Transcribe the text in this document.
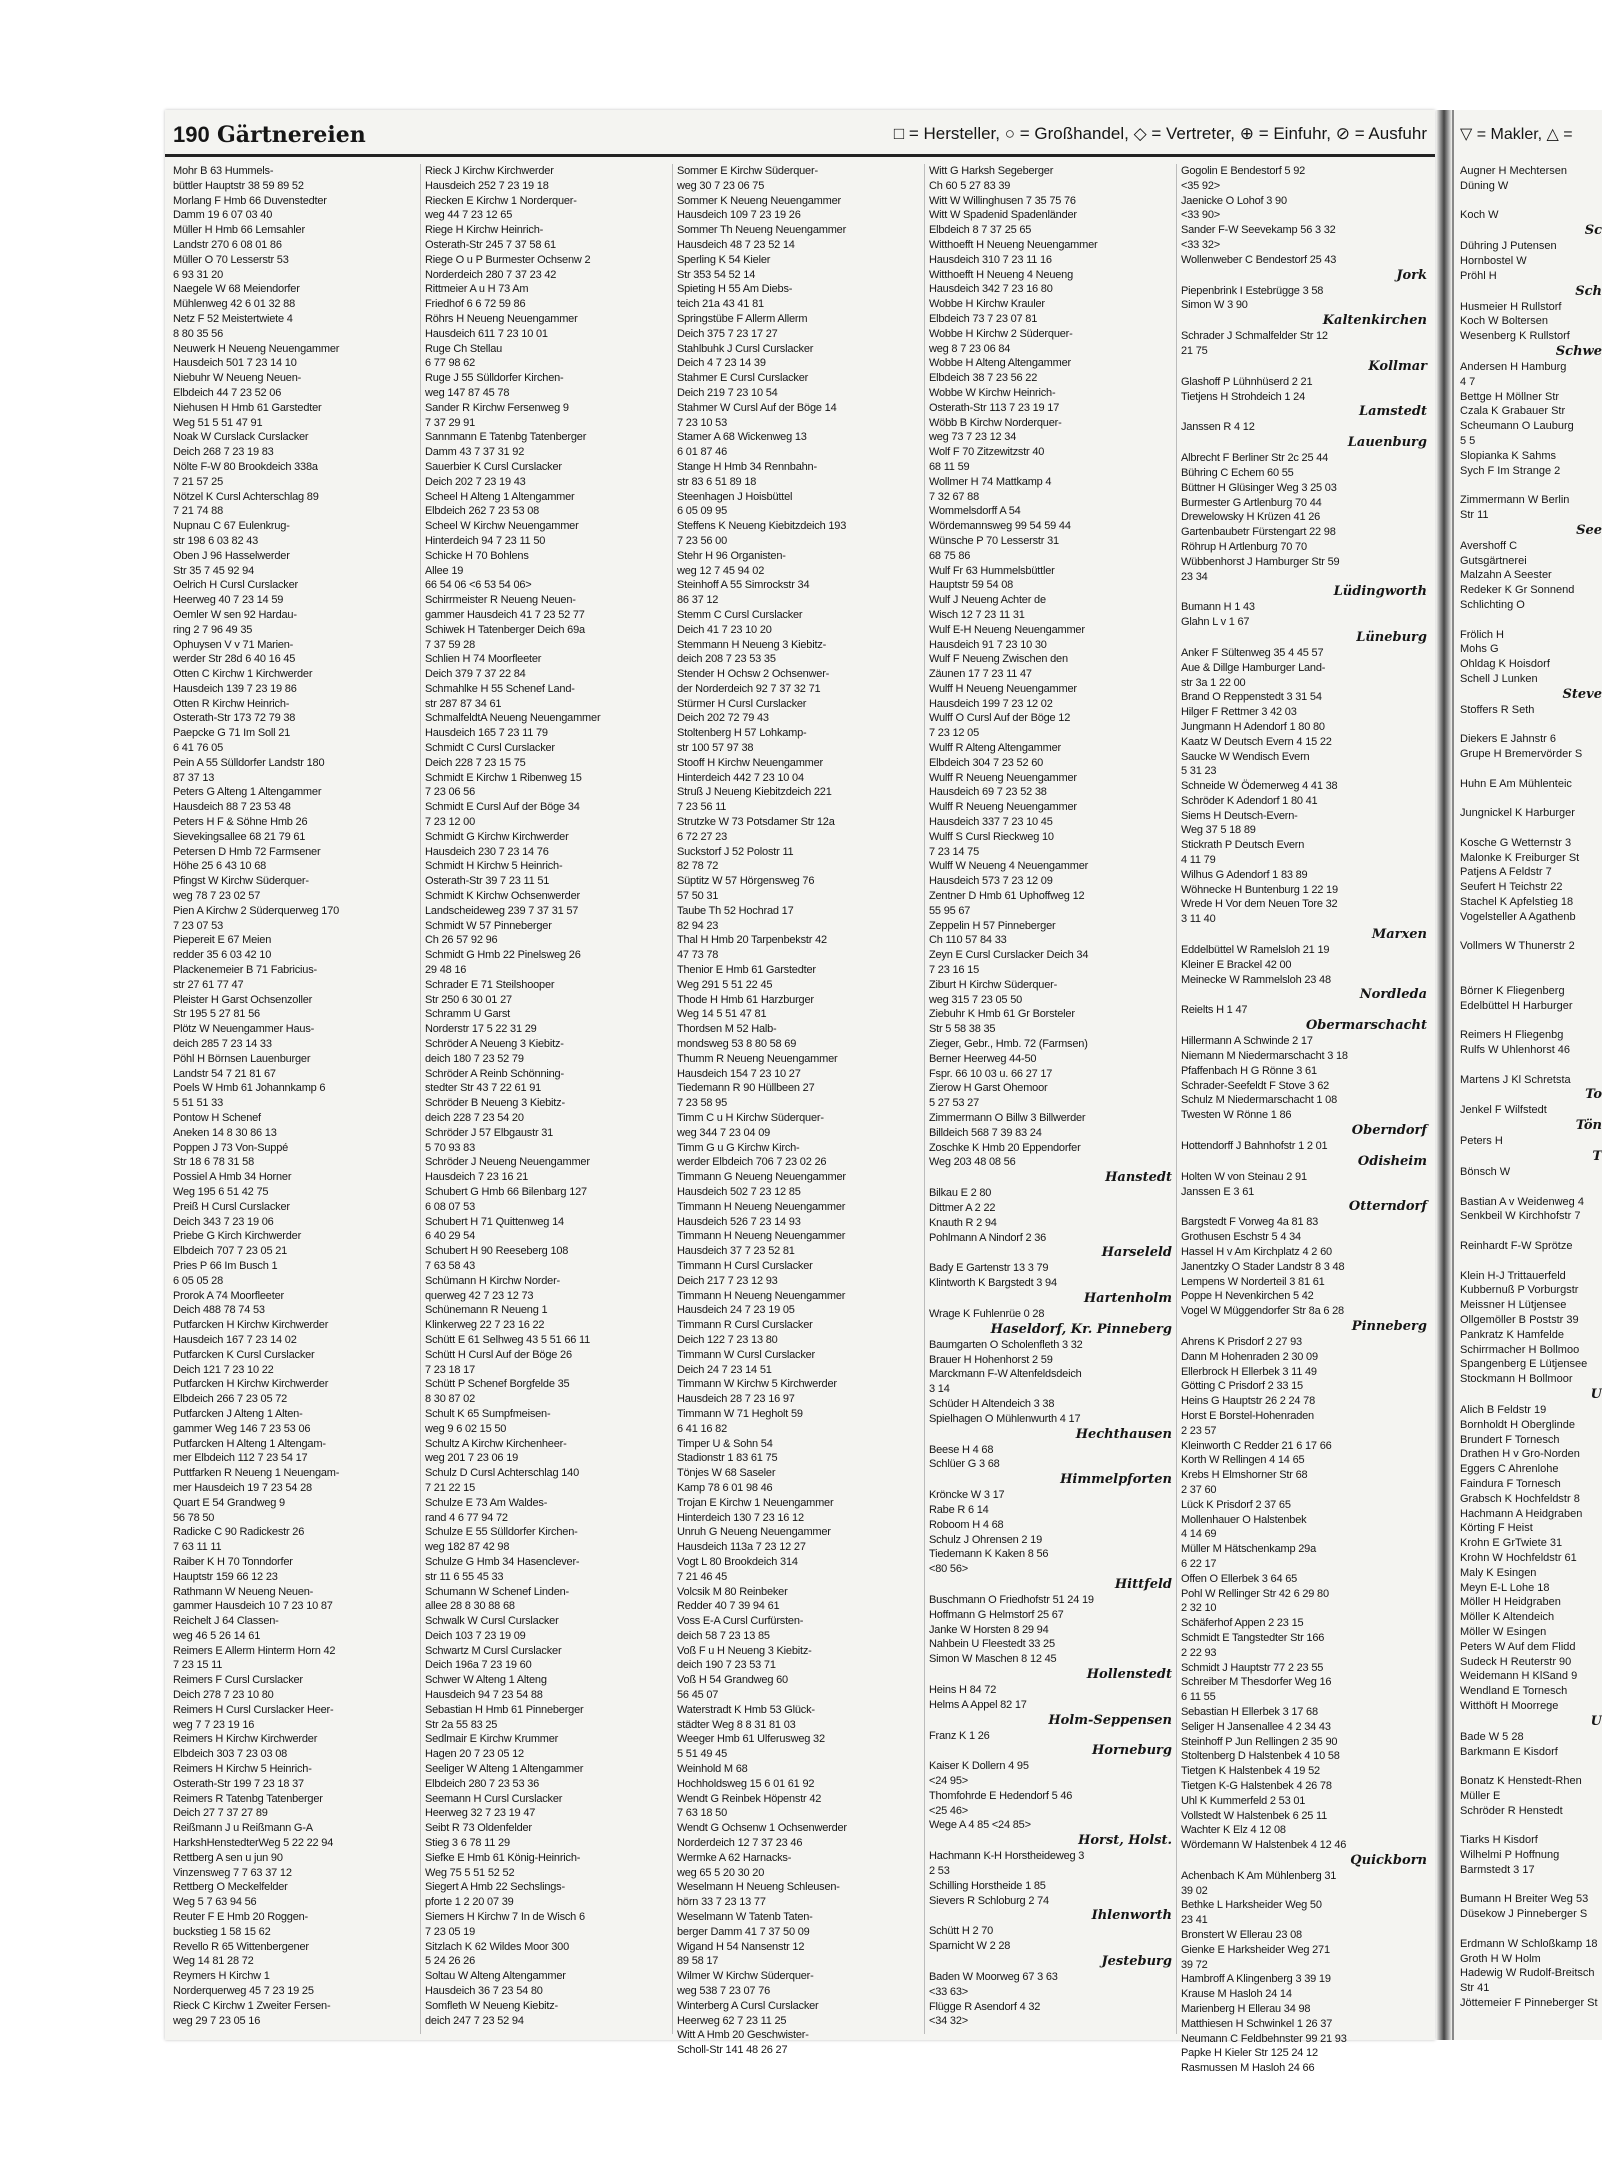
190 Gärtnereien	□ = Hersteller, ○ = Großhandel, ◇ = Vertreter, ⊕ = Einfuhr, ⊘ = Ausfuhr
Mohr B 63 Hummels-
büttler Hauptstr 38 59 89 52
Morlang F Hmb 66 Duvenstedter
Damm 19 6 07 03 40
Müller H Hmb 66 Lemsahler
Landstr 270 6 08 01 86
Müller O 70 Lesserstr 53
6 93 31 20
Naegele W 68 Meiendorfer
Mühlenweg 42 6 01 32 88
Netz F 52 Meistertwiete 4
8 80 35 56
Neuwerk H Neueng Neuengammer
Hausdeich 501 7 23 14 10
Niebuhr W Neueng Neuen-
Elbdeich 44 7 23 52 06
Niehusen H Hmb 61 Garstedter
Weg 51 5 51 47 91
Noak W Curslack Curslacker
Deich 268 7 23 19 83
Nölte F-W 80 Brookdeich 338a
7 21 57 25
Nötzel K Cursl Achterschlag 89
7 21 74 88
Nupnau C 67 Eulenkrug-
str 198 6 03 82 43
Oben J 96 Hasselwerder
Str 35 7 45 92 94
Oelrich H Cursl Curslacker
Heerweg 40 7 23 14 59
Oemler W sen 92 Hardau-
ring 2 7 96 49 35
Ophuysen V v 71 Marien-
werder Str 28d 6 40 16 45
Otten C Kirchw 1 Kirchwerder
Hausdeich 139 7 23 19 86
Otten R Kirchw Heinrich-
Osterath-Str 173 72 79 38
Paepcke G 71 Im Soll 21
6 41 76 05
Pein A 55 Sülldorfer Landstr 180
87 37 13
Peters G Alteng 1 Altengammer
Hausdeich 88 7 23 53 48
Peters H F & Söhne Hmb 26
Sievekingsallee 68 21 79 61
Petersen D Hmb 72 Farmsener
Höhe 25 6 43 10 68
Pfingst W Kirchw Süderquer-
weg 78 7 23 02 57
Pien A Kirchw 2 Süderquerweg 170
7 23 07 53
Piepereit E 67 Meien
redder 35 6 03 42 10
Plackenemeier B 71 Fabricius-
str 27 61 77 47
Pleister H Garst Ochsenzoller
Str 195 5 27 81 56
Plötz W Neuengammer Haus-
deich 285 7 23 14 33
Pöhl H Börnsen Lauenburger
Landstr 54 7 21 81 67
Poels W Hmb 61 Johannkamp 6
5 51 51 33
Pontow H Schenef
Aneken 14 8 30 86 13
Poppen J 73 Von-Suppé
Str 18 6 78 31 58
Possiel A Hmb 34 Horner
Weg 195 6 51 42 75
Preiß H Cursl Curslacker
Deich 343 7 23 19 06
Priebe G Kirch Kirchwerder
Elbdeich 707 7 23 05 21
Pries P 66 Im Busch 1
6 05 05 28
Prorok A 74 Moorfleeter
Deich 488 78 74 53
Putfarcken H Kirchw Kirchwerder
Hausdeich 167 7 23 14 02
Putfarcken K Cursl Curslacker
Deich 121 7 23 10 22
Putfarcken H Kirchw Kirchwerder
Elbdeich 266 7 23 05 72
Putfarcken J Alteng 1 Alten-
gammer Weg 146 7 23 53 06
Putfarcken H Alteng 1 Altengam-
mer Elbdeich 112 7 23 54 17
Puttfarken R Neueng 1 Neuengam-
mer Hausdeich 19 7 23 54 28
Quart E 54 Grandweg 9
56 78 50
Radicke C 90 Radickestr 26
7 63 11 11
Raiber K H 70 Tonndorfer
Hauptstr 159 66 12 23
Rathmann W Neueng Neuen-
gammer Hausdeich 10 7 23 10 87
Reichelt J 64 Classen-
weg 46 5 26 14 61
Reimers E Allerm Hinterm Horn 42
7 23 15 11
Reimers F Cursl Curslacker
Deich 278 7 23 10 80
Reimers H Cursl Curslacker Heer-
weg 7 7 23 19 16
Reimers H Kirchw Kirchwerder
Elbdeich 303 7 23 03 08
Reimers H Kirchw 5 Heinrich-
Osterath-Str 199 7 23 18 37
Reimers R Tatenbg Tatenberger
Deich 27 7 37 27 89
Reißmann J u Reißmann G-A
HarkshHenstedterWeg 5 22 22 94
Rettberg A sen u jun 90
Vinzensweg 7 7 63 37 12
Rettberg O Meckelfelder
Weg 5 7 63 94 56
Reuter F E Hmb 20 Roggen-
buckstieg 1 58 15 62
Revello R 65 Wittenbergener
Weg 14 81 28 72
Reymers H Kirchw 1
Norderquerweg 45 7 23 19 25
Rieck C Kirchw 1 Zweiter Fersen-
weg 29 7 23 05 16
Rieck J Kirchw Kirchwerder
Hausdeich 252 7 23 19 18
Riecken E Kirchw 1 Norderquer-
weg 44 7 23 12 65
Riege H Kirchw Heinrich-
Osterath-Str 245 7 37 58 61
Riege O u P Burmester Ochsenw 2
Norderdeich 280 7 37 23 42
Rittmeier A u H 73 Am
Friedhof 6 6 72 59 86
Röhrs H Neueng Neuengammer
Hausdeich 611 7 23 10 01
Ruge Ch Stellau
6 77 98 62
Ruge J 55 Sülldorfer Kirchen-
weg 147 87 45 78
Sander R Kirchw Fersenweg 9
7 37 29 91
Sannmann E Tatenbg Tatenberger
Damm 43 7 37 31 92
Sauerbier K Cursl Curslacker
Deich 202 7 23 19 43
Scheel H Alteng 1 Altengammer
Elbdeich 262 7 23 53 08
Scheel W Kirchw Neuengammer
Hinterdeich 94 7 23 11 50
Schicke H 70 Bohlens
Allee 19
66 54 06 <6 53 54 06>
Schirrmeister R Neueng Neuen-
gammer Hausdeich 41 7 23 52 77
Schiwek H Tatenberger Deich 69a
7 37 59 28
Schlien H 74 Moorfleeter
Deich 379 7 37 22 84
Schmahlke H 55 Schenef Land-
str 287 87 34 61
SchmalfeldtA Neueng Neuengammer
Hausdeich 165 7 23 11 79
Schmidt C Cursl Curslacker
Deich 228 7 23 15 75
Schmidt E Kirchw 1 Ribenweg 15
7 23 06 56
Schmidt E Cursl Auf der Böge 34
7 23 12 00
Schmidt G Kirchw Kirchwerder
Hausdeich 230 7 23 14 76
Schmidt H Kirchw 5 Heinrich-
Osterath-Str 39 7 23 11 51
Schmidt K Kirchw Ochsenwerder
Landscheideweg 239 7 37 31 57
Schmidt W 57 Pinneberger
Ch 26 57 92 96
Schmidt G Hmb 22 Pinelsweg 26
29 48 16
Schrader E 71 Steilshooper
Str 250 6 30 01 27
Schramm U Garst
Norderstr 17 5 22 31 29
Schröder A Neueng 3 Kiebitz-
deich 180 7 23 52 79
Schröder A Reinb Schönning-
stedter Str 43 7 22 61 91
Schröder B Neueng 3 Kiebitz-
deich 228 7 23 54 20
Schröder J 57 Elbgaustr 31
5 70 93 83
Schröder J Neueng Neuengammer
Hausdeich 7 23 16 21
Schubert G Hmb 66 Bilenbarg 127
6 08 07 53
Schubert H 71 Quittenweg 14
6 40 29 54
Schubert H 90 Reeseberg 108
7 63 58 43
Schümann H Kirchw Norder-
querweg 42 7 23 12 73
Schünemann R Neueng 1
Klinkerweg 22 7 23 16 22
Schütt E 61 Selhweg 43 5 51 66 11
Schütt H Cursl Auf der Böge 26
7 23 18 17
Schütt P Schenef Borgfelde 35
8 30 87 02
Schult K 65 Sumpfmeisen-
weg 9 6 02 15 50
Schultz A Kirchw Kirchenheer-
weg 201 7 23 06 19
Schulz D Cursl Achterschlag 140
7 21 22 15
Schulze E 73 Am Waldes-
rand 4 6 77 94 72
Schulze E 55 Sülldorfer Kirchen-
weg 182 87 42 98
Schulze G Hmb 34 Hasenclever-
str 11 6 55 45 33
Schumann W Schenef Linden-
allee 28 8 30 88 68
Schwalk W Cursl Curslacker
Deich 103 7 23 19 09
Schwartz M Cursl Curslacker
Deich 196a 7 23 19 60
Schwer W Alteng 1 Alteng
Hausdeich 94 7 23 54 88
Sebastian H Hmb 61 Pinneberger
Str 2a 55 83 25
Sedlmair E Kirchw Krummer
Hagen 20 7 23 05 12
Seeliger W Alteng 1 Altengammer
Elbdeich 280 7 23 53 36
Seemann H Cursl Curslacker
Heerweg 32 7 23 19 47
Seibt R 73 Oldenfelder
Stieg 3 6 78 11 29
Siefke E Hmb 61 König-Heinrich-
Weg 75 5 51 52 52
Siegert A Hmb 22 Sechslings-
pforte 1 2 20 07 39
Siemers H Kirchw 7 In de Wisch 6
7 23 05 19
Sitzlach K 62 Wildes Moor 300
5 24 26 26
Soltau W Alteng Altengammer
Hausdeich 36 7 23 54 80
Somfleth W Neueng Kiebitz-
deich 247 7 23 52 94
Sommer E Kirchw Süderquer-
weg 30 7 23 06 75
Sommer K Neueng Neuengammer
Hausdeich 109 7 23 19 26
Sommer Th Neueng Neuengammer
Hausdeich 48 7 23 52 14
Sperling K 54 Kieler
Str 353 54 52 14
Spieting H 55 Am Diebs-
teich 21a 43 41 81
Springstübe F Allerm Allerm
Deich 375 7 23 17 27
Stahlbuhk J Cursl Curslacker
Deich 4 7 23 14 39
Stahmer E Cursl Curslacker
Deich 219 7 23 10 54
Stahmer W Cursl Auf der Böge 14
7 23 10 53
Stamer A 68 Wickenweg 13
6 01 87 46
Stange H Hmb 34 Rennbahn-
str 83 6 51 89 18
Steenhagen J Hoisbüttel
6 05 09 95
Steffens K Neueng Kiebitzdeich 193
7 23 56 00
Stehr H 96 Organisten-
weg 12 7 45 94 02
Steinhoff A 55 Simrockstr 34
86 37 12
Stemm C Cursl Curslacker
Deich 41 7 23 10 20
Stemmann H Neueng 3 Kiebitz-
deich 208 7 23 53 35
Stender H Ochsw 2 Ochsenwer-
der Norderdeich 92 7 37 32 71
Stürmer H Cursl Curslacker
Deich 202 72 79 43
Stoltenberg H 57 Lohkamp-
str 100 57 97 38
Stooff H Kirchw Neuengammer
Hinterdeich 442 7 23 10 04
Struß J Neueng Kiebitzdeich 221
7 23 56 11
Strutzke W 73 Potsdamer Str 12a
6 72 27 23
Suckstorf J 52 Polostr 11
82 78 72
Süptitz W 57 Hörgensweg 76
57 50 31
Taube Th 52 Hochrad 17
82 94 23
Thal H Hmb 20 Tarpenbekstr 42
47 73 78
Thenior E Hmb 61 Garstedter
Weg 291 5 51 22 45
Thode H Hmb 61 Harzburger
Weg 14 5 51 47 81
Thordsen M 52 Halb-
mondsweg 53 8 80 58 69
Thumm R Neueng Neuengammer
Hausdeich 154 7 23 10 27
Tiedemann R 90 Hüllbeen 27
7 23 58 95
Timm C u H Kirchw Süderquer-
weg 344 7 23 04 09
Timm G u G Kirchw Kirch-
werder Elbdeich 706 7 23 02 26
Timmann G Neueng Neuengammer
Hausdeich 502 7 23 12 85
Timmann H Neueng Neuengammer
Hausdeich 526 7 23 14 93
Timmann H Neueng Neuengammer
Hausdeich 37 7 23 52 81
Timmann H Cursl Curslacker
Deich 217 7 23 12 93
Timmann H Neueng Neuengammer
Hausdeich 24 7 23 19 05
Timmann R Cursl Curslacker
Deich 122 7 23 13 80
Timmann W Cursl Curslacker
Deich 24 7 23 14 51
Timmann W Kirchw 5 Kirchwerder
Hausdeich 28 7 23 16 97
Timmann W 71 Hegholt 59
6 41 16 82
Timper U & Sohn 54
Stadionstr 1 83 61 75
Tönjes W 68 Saseler
Kamp 78 6 01 98 46
Trojan E Kirchw 1 Neuengammer
Hinterdeich 130 7 23 16 12
Unruh G Neueng Neuengammer
Hausdeich 113a 7 23 12 27
Vogt L 80 Brookdeich 314
7 21 46 45
Volcsik M 80 Reinbeker
Redder 40 7 39 94 61
Voss E-A Cursl Curfürsten-
deich 58 7 23 13 85
Voß F u H Neueng 3 Kiebitz-
deich 190 7 23 53 71
Voß H 54 Grandweg 60
56 45 07
Waterstradt K Hmb 53 Glück-
städter Weg 8 8 31 81 03
Weeger Hmb 61 Ulferusweg 32
5 51 49 45
Weinhold M 68
Hochholdsweg 15 6 01 61 92
Wendt G Reinbek Höpenstr 42
7 63 18 50
Wendt G Ochsenw 1 Ochsenwerder
Norderdeich 12 7 37 23 46
Wermke A 62 Harnacks-
weg 65 5 20 30 20
Weselmann H Neueng Schleusen-
hörn 33 7 23 13 77
Weselmann W Tatenb Taten-
berger Damm 41 7 37 50 09
Wigand H 54 Nansenstr 12
89 58 17
Wilmer W Kirchw Süderquer-
weg 538 7 23 07 76
Winterberg A Cursl Curslacker
Heerweg 62 7 23 11 25
Witt A Hmb 20 Geschwister-
Scholl-Str 141 48 26 27
Witt G Harksh Segeberger
Ch 60 5 27 83 39
Witt W Willinghusen 7 35 75 76
Witt W Spadenid Spadenländer
Elbdeich 8 7 37 25 65
Witthoefft H Neueng Neuengammer
Hausdeich 310 7 23 11 16
Witthoefft H Neueng 4 Neueng
Hausdeich 342 7 23 16 80
Wobbe H Kirchw Krauler
Elbdeich 73 7 23 07 81
Wobbe H Kirchw 2 Süderquer-
weg 8 7 23 06 84
Wobbe H Alteng Altengammer
Elbdeich 38 7 23 56 22
Wobbe W Kirchw Heinrich-
Osterath-Str 113 7 23 19 17
Wöbb B Kirchw Norderquer-
weg 73 7 23 12 34
Wolf F 70 Zitzewitzstr 40
68 11 59
Wollmer H 74 Mattkamp 4
7 32 67 88
Wommelsdorff A 54
Wördemannsweg 99 54 59 44
Wünsche P 70 Lesserstr 31
68 75 86
Wulf Fr 63 Hummelsbüttler
Hauptstr 59 54 08
Wulf J Neueng Achter de
Wisch 12 7 23 11 31
Wulf E-H Neueng Neuengammer
Hausdeich 91 7 23 10 30
Wulf F Neueng Zwischen den
Zäunen 17 7 23 11 47
Wulff H Neueng Neuengammer
Hausdeich 199 7 23 12 02
Wulff O Cursl Auf der Böge 12
7 23 12 05
Wulff R Alteng Altengammer
Elbdeich 304 7 23 52 60
Wulff R Neueng Neuengammer
Hausdeich 69 7 23 52 38
Wulff R Neueng Neuengammer
Hausdeich 337 7 23 10 45
Wulff S Cursl Rieckweg 10
7 23 14 75
Wulff W Neueng 4 Neuengammer
Hausdeich 573 7 23 12 09
Zentner D Hmb 61 Uphoffweg 12
55 95 67
Zeppelin H 57 Pinneberger
Ch 110 57 84 33
Zeyn E Cursl Curslacker Deich 34
7 23 16 15
Ziburt H Kirchw Süderquer-
weg 315 7 23 05 50
Ziebuhr K Hmb 61 Gr Borsteler
Str 5 58 38 35
Zieger, Gebr., Hmb. 72 (Farmsen)
Berner Heerweg 44-50
Fspr. 66 10 03 u. 66 27 17
Zierow H Garst Ohemoor
5 27 53 27
Zimmermann O Billw 3 Billwerder
Billdeich 568 7 39 83 24
Zoschke K Hmb 20 Eppendorfer
Weg 203 48 08 56
Hanstedt
Bilkau E 2 80
Dittmer A 2 22
Knauth R 2 94
Pohlmann A Nindorf 2 36
Harseleld
Bady E Gartenstr 13 3 79
Klintworth K Bargstedt 3 94
Hartenholm
Wrage K Fuhlenrüe 0 28
Haseldorf, Kr. Pinneberg
Baumgarten O Scholenfleth 3 32
Brauer H Hohenhorst 2 59
Marckmann F-W Altenfeldsdeich
3 14
Schüder H Altendeich 3 38
Spielhagen O Mühlenwurth 4 17
Hechthausen
Beese H 4 68
Schlüer G 3 68
Himmelpforten
Kröncke W 3 17
Rabe R 6 14
Roboom H 4 68
Schulz J Ohrensen 2 19
Tiedemann K Kaken 8 56
<80 56>
Hittfeld
Buschmann O Friedhofstr 51 24 19
Hoffmann G Helmstorf 25 67
Janke W Horsten 8 29 94
Nahbein U Fleestedt 33 25
Simon W Maschen 8 12 45
Hollenstedt
Heins H 84 72
Helms A Appel 82 17
Holm-Seppensen
Franz K 1 26
Horneburg
Kaiser K Dollern 4 95
<24 95>
Thomfohrde E Hedendorf 5 46
<25 46>
Wege A 4 85 <24 85>
Horst, Holst.
Hachmann K-H Horstheideweg 3
2 53
Schilling Horstheide 1 85
Sievers R Schloburg 2 74
Ihlenworth
Schütt H 2 70
Sparnicht W 2 28
Jesteburg
Baden W Moorweg 67 3 63
<33 63>
Flügge R Asendorf 4 32
<34 32>
Gogolin E Bendestorf 5 92
<35 92>
Jaenicke O Lohof 3 90
<33 90>
Sander F-W Seevekamp 56 3 32
<33 32>
Wollenweber C Bendestorf 25 43
Jork
Piepenbrink I Estebrügge 3 58
Simon W 3 90
Kaltenkirchen
Schrader J Schmalfelder Str 12
21 75
Kollmar
Glashoff P Lühnhüserd 2 21
Tietjens H Strohdeich 1 24
Lamstedt
Janssen R 4 12
Lauenburg
Albrecht F Berliner Str 2c 25 44
Bühring C Echem 60 55
Büttner H Glüsinger Weg 3 25 03
Burmester G Artlenburg 70 44
Drewelowsky H Krüzen 41 26
Gartenbaubetr Fürstengart 22 98
Röhrup H Artlenburg 70 70
Wübbenhorst J Hamburger Str 59
23 34
Lüdingworth
Bumann H 1 43
Glahn L v 1 67
Lüneburg
Anker F Sültenweg 35 4 45 57
Aue & Dillge Hamburger Land-
str 3a 1 22 00
Brand O Reppenstedt 3 31 54
Hilger F Rettmer 3 42 03
Jungmann H Adendorf 1 80 80
Kaatz W Deutsch Evern 4 15 22
Saucke W Wendisch Evern
5 31 23
Schneide W Ödemerweg 4 41 38
Schröder K Adendorf 1 80 41
Siems H Deutsch-Evern-
Weg 37 5 18 89
Stickrath P Deutsch Evern
4 11 79
Wilhus G Adendorf 1 83 89
Wöhnecke H Buntenburg 1 22 19
Wrede H Vor dem Neuen Tore 32
3 11 40
Marxen
Eddelbüttel W Ramelsloh 21 19
Kleiner E Brackel 42 00
Meinecke W Rammelsloh 23 48
Nordleda
Reielts H 1 47
Obermarschacht
Hillermann A Schwinde 2 17
Niemann M Niedermarschacht 3 18
Pfaffenbach H G Rönne 3 61
Schrader-Seefeldt F Stove 3 62
Schulz M Niedermarschacht 1 08
Twesten W Rönne 1 86
Oberndorf
Hottendorff J Bahnhofstr 1 2 01
Odisheim
Holten W von Steinau 2 91
Janssen E 3 61
Otterndorf
Bargstedt F Vorweg 4a 81 83
Grothusen Eschstr 5 4 34
Hassel H v Am Kirchplatz 4 2 60
Janentzky O Stader Landstr 8 3 48
Lempens W Norderteil 3 81 61
Poppe H Nevenkirchen 5 42
Vogel W Müggendorfer Str 8a 6 28
Pinneberg
Ahrens K Prisdorf 2 27 93
Dann M Hohenraden 2 30 09
Ellerbrock H Ellerbek 3 11 49
Götting C Prisdorf 2 33 15
Heins G Hauptstr 26 2 24 78
Horst E Borstel-Hohenraden
2 23 57
Kleinworth C Redder 21 6 17 66
Korth W Rellingen 4 14 65
Krebs H Elmshorner Str 68
2 37 60
Lück K Prisdorf 2 37 65
Mollenhauer O Halstenbek
4 14 69
Müller M Hätschenkamp 29a
6 22 17
Offen O Ellerbek 3 64 65
Pohl W Rellinger Str 42 6 29 80
2 32 10
Schäferhof Appen 2 23 15
Schmidt E Tangstedter Str 166
2 22 93
Schmidt J Hauptstr 77 2 23 55
Schreiber M Thesdorfer Weg 16
6 11 55
Sebastian H Ellerbek 3 17 68
Seliger H Jansenallee 4 2 34 43
Steinhoff P Jun Rellingen 2 35 90
Stoltenberg D Halstenbek 4 10 58
Tietgen K Halstenbek 4 19 52
Tietgen K-G Halstenbek 4 26 78
Uhl K Kummerfeld 2 53 01
Vollstedt W Halstenbek 6 25 11
Wachter K Elz 4 12 08
Wördemann W Halstenbek 4 12 46
Quickborn
Achenbach K Am Mühlenberg 31
39 02
Bethke L Harksheider Weg 50
23 41
Bronstert W Ellerau 23 08
Gienke E Harksheider Weg 271
39 72
Hambroff A Klingenberg 3 39 19
Krause M Hasloh 24 14
Marienberg H Ellerau 34 98
Matthiesen H Schwinkel 1 26 37
Neumann C Feldbehnster 99 21 93
Papke H Kieler Str 125 24 12
Rasmussen M Hasloh 24 66
▽ = Makler, △ =
Augner H Mechtersen
Düning W

Koch W
Sc
Dühring J Putensen
Hornbostel W
Pröhl H
Sch
Husmeier H Rullstorf
Koch W Boltersen
Wesenberg K Rullstorf
Schwe
Andersen H Hamburg
4 7
Bettge H Möllner Str
Czala K Grabauer Str
Scheumann O Lauburg
5 5
Slopianka K Sahms
Sych F Im Strange 2

Zimmermann W Berlin
Str 11
See
Avershoff C
Gutsgärtnerei
Malzahn A Seester
Redeker K Gr Sonnend
Schlichting O

Frölich H
Mohs G
Ohldag K Hoisdorf
Schell J Lunken
Steve
Stoffers R Seth

Diekers E Jahnstr 6
Grupe H Bremervörder S

Huhn E Am Mühlenteic

Jungnickel K Harburger

Kosche G Wetternstr 3
Malonke K Freiburger St
Patjens A Feldstr 7
Seufert H Teichstr 22
Stachel K Apfelstieg 18
Vogelsteller A Agathenb

Vollmers W Thunerstr 2

Börner K Fliegenberg
Edelbüttel H Harburger

Reimers H Fliegenbg
Rulfs W Uhlenhorst 46

Martens J Kl Schretsta
To
Jenkel F Wilfstedt
Tön
Peters H
T
Bönsch W

Bastian A v Weidenweg 4
Senkbeil W Kirchhofstr 7

Reinhardt F-W Sprötze

Klein H-J Trittauerfeld
Kubbernuß P Vorburgstr
Meissner H Lütjensee
Ollgemöller B Poststr 39
Pankratz K Hamfelde
Schirrmacher H Bollmoo
Spangenberg E Lütjensee
Stockmann H Bollmoor
U
Alich B Feldstr 19
Bornholdt H Oberglinde
Brundert F Tornesch
Drathen H v Gro-Norden
Eggers C Ahrenlohe
Faindura F Tornesch
Grabsch K Hochfeldstr 8
Hachmann A Heidgraben
Körting F Heist
Krohn E GrTwiete 31
Krohn W Hochfeldstr 61
Maly K Esingen
Meyn E-L Lohe 18
Möller H Heidgraben
Möller K Altendeich
Möller W Esingen
Peters W Auf dem Flidd
Sudeck H Reuterstr 90
Weidemann H KlSand 9
Wendland E Tornesch
Witthöft H Moorrege
U
Bade W 5 28
Barkmann E Kisdorf

Bonatz K Henstedt-Rhen
Müller E
Schröder R Henstedt

Tiarks H Kisdorf
Wilhelmi P Hoffnung
Barmstedt 3 17

Bumann H Breiter Weg 53
Düsekow J Pinneberger S

Erdmann W Schloßkamp 18
Groth H W Holm
Hadewig W Rudolf-Breitsch
Str 41
Jöttemeier F Pinneberger St
